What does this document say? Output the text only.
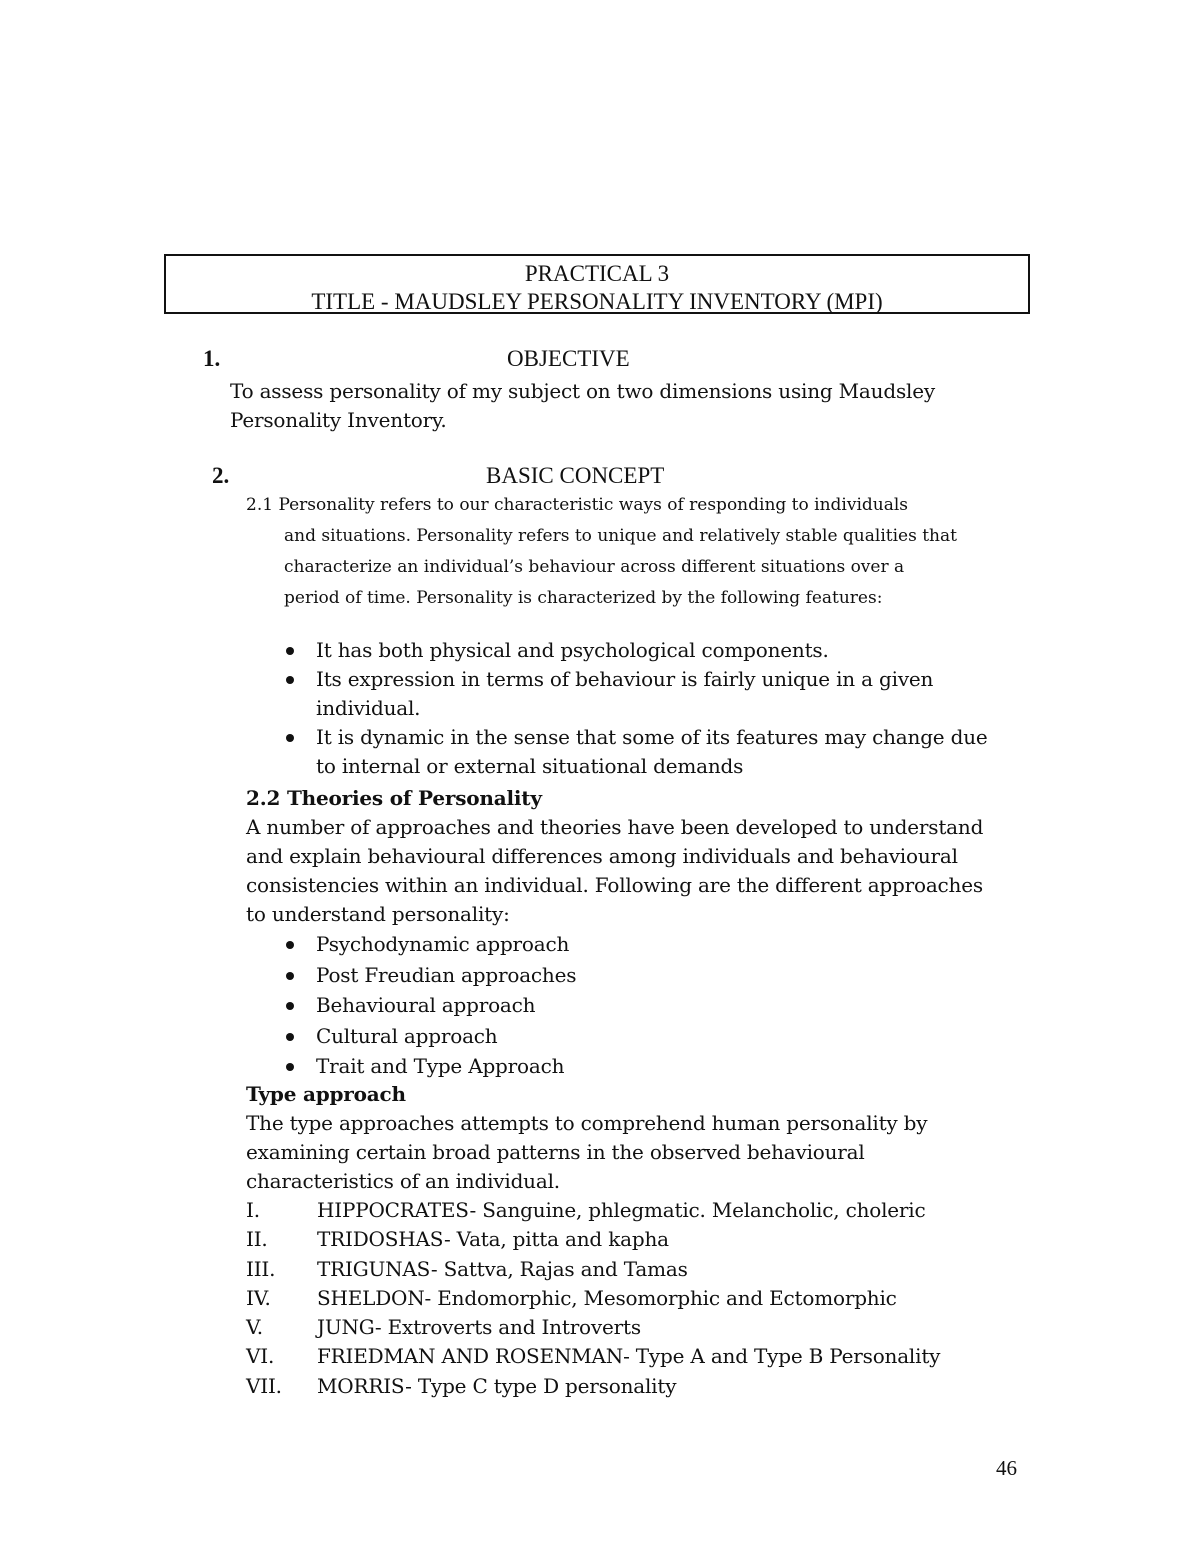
PRACTICAL 3
TITLE - MAUDSLEY PERSONALITY INVENTORY (MPI)
1.	OBJECTIVE
To assess personality of my subject on two dimensions using Maudsley
Personality Inventory.
2.	BASIC CONCEPT
2.1 Personality refers to our characteristic ways of responding to individuals
and situations. Personality refers to unique and relatively stable qualities that
characterize an individual’s behaviour across different situations over a
period of time. Personality is characterized by the following features:
It has both physical and psychological components.
Its expression in terms of behaviour is fairly unique in a given
individual.
It is dynamic in the sense that some of its features may change due
to internal or external situational demands
2.2 Theories of Personality
A number of approaches and theories have been developed to understand
and explain behavioural differences among individuals and behavioural
consistencies within an individual. Following are the different approaches
to understand personality:
Psychodynamic approach
Post Freudian approaches
Behavioural approach
Cultural approach
Trait and Type Approach
Type approach
The type approaches attempts to comprehend human personality by
examining certain broad patterns in the observed behavioural
characteristics of an individual.
I.	HIPPOCRATES- Sanguine, phlegmatic. Melancholic, choleric
II. TRIDOSHAS- Vata, pitta and kapha
III. TRIGUNAS- Sattva, Rajas and Tamas
IV. SHELDON- Endomorphic, Mesomorphic and Ectomorphic
V.	JUNG- Extroverts and Introverts
VI. FRIEDMAN AND ROSENMAN- Type A and Type B Personality
VII. MORRIS- Type C type D personality
46
